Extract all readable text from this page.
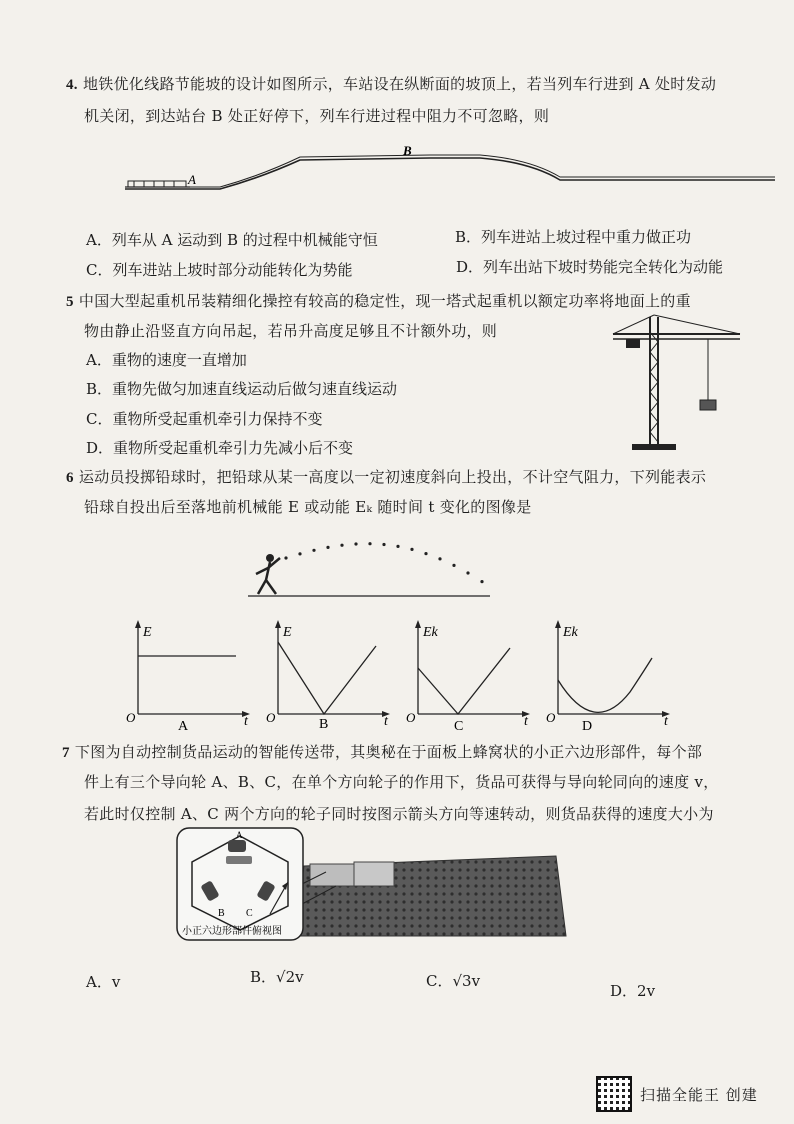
4. 地铁优化线路节能坡的设计如图所示，车站设在纵断面的坡顶上，若当列车行进到 A 处时发动
机关闭，到达站台 B 处正好停下，列车行进过程中阻力不可忽略，则
A
B
A．列车从 A 运动到 B 的过程中机械能守恒	B．列车进站上坡过程中重力做正功
C．列车进站上坡时部分动能转化为势能	D．列车出站下坡时势能完全转化为动能
5 中国大型起重机吊装精细化操控有较高的稳定性，现一塔式起重机以额定功率将地面上的重
物由静止沿竖直方向吊起，若吊升高度足够且不计额外功，则
A．重物的速度一直增加
B．重物先做匀加速直线运动后做匀速直线运动
C．重物所受起重机牵引力保持不变
D．重物所受起重机牵引力先减小后不变
6 运动员投掷铅球时，把铅球从某一高度以一定初速度斜向上投出，不计空气阻力，下列能表示
铅球自投出后至落地前机械能 E 或动能 Eₖ 随时间 t 变化的图像是
E
t
O
A
E
t
O	B
Ek
t
O
C
Ek
t
O
D
7 下图为自动控制货品运动的智能传送带，其奥秘在于面板上蜂窝状的小正六边形部件，每个部
件上有三个导向轮 A、B、C，在单个方向轮子的作用下，货品可获得与导向轮同向的速度 v，
若此时仅控制 A、C 两个方向的轮子同时按图示箭头方向等速转动，则货品获得的速度大小为
B C
A
小正六边形部件俯视图
A．v	B．√2v	C．√3v
D．2v
扫描全能王 创建
